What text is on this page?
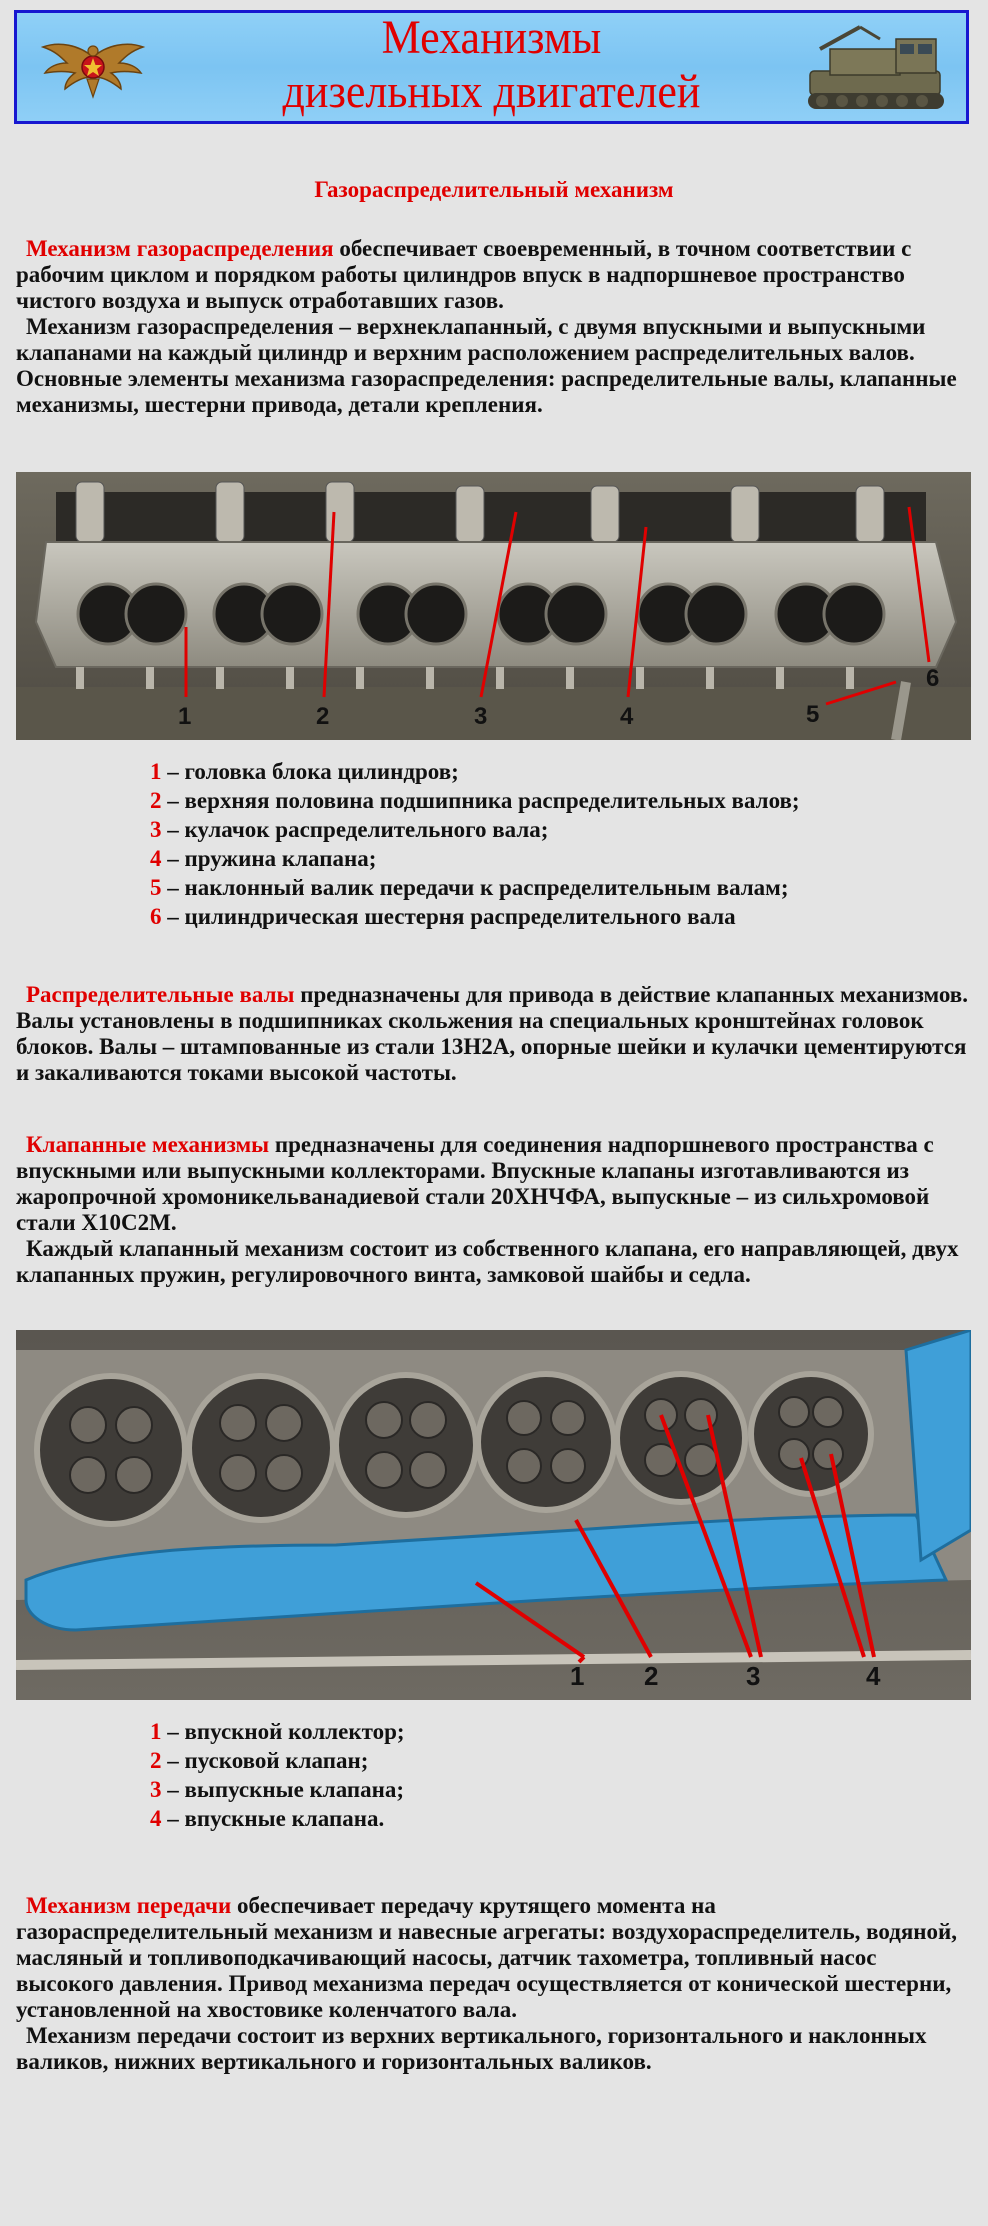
Механизмы
дизельных двигателей
Газораспределительный механизм

Механизм газораспределения обеспечивает своевременный, в точном соответствии с рабочим циклом и порядком работы цилиндров впуск в надпоршневое пространство чистого воздуха и выпуск отработавших газов.

Механизм газораспределения – верхнеклапанный, с двумя впускными и выпускными клапанами на каждый цилиндр и верхним расположением распределительных валов. Основные элементы механизма газораспределения: распределительные валы, клапанные механизмы, шестерни привода, детали крепления.

1	2	3	4	5
6
1 – головка блока цилиндров;
2 – верхняя половина подшипника распределительных валов;
3 – кулачок распределительного вала;
4 – пружина клапана;
5 – наклонный валик передачи к распределительным валам;
6 – цилиндрическая шестерня распределительного вала

Распределительные валы предназначены для привода в действие клапанных механизмов. Валы установлены в подшипниках скольжения на специальных кронштейнах головок блоков. Валы – штампованные из стали 13Н2А, опорные шейки и кулачки цементируются и закаливаются токами высокой частоты.

Клапанные механизмы предназначены для соединения надпоршневого пространства с впускными или выпускными коллекторами. Впускные клапаны изготавливаются из жаропрочной хромоникельванадиевой стали 20ХНЧФА, выпускные – из сильхромовой стали Х10С2М.

Каждый клапанный механизм состоит из собственного клапана, его направляющей, двух клапанных пружин, регулировочного винта, замковой шайбы и седла.

1 2	3	4
1 – впускной коллектор;
2 – пусковой клапан;
3 – выпускные клапана;
4 – впускные клапана.

Механизм передачи обеспечивает передачу крутящего момента на газораспределительный механизм и навесные агрегаты: воздухораспределитель, водяной, масляный и топливоподкачивающий насосы, датчик тахометра, топливный насос высокого давления. Привод механизма передач осуществляется от конической шестерни, установленной на хвостовике коленчатого вала.

Механизм передачи состоит из верхних вертикального, горизонтального и наклонных валиков, нижних вертикального и горизонтальных валиков.
